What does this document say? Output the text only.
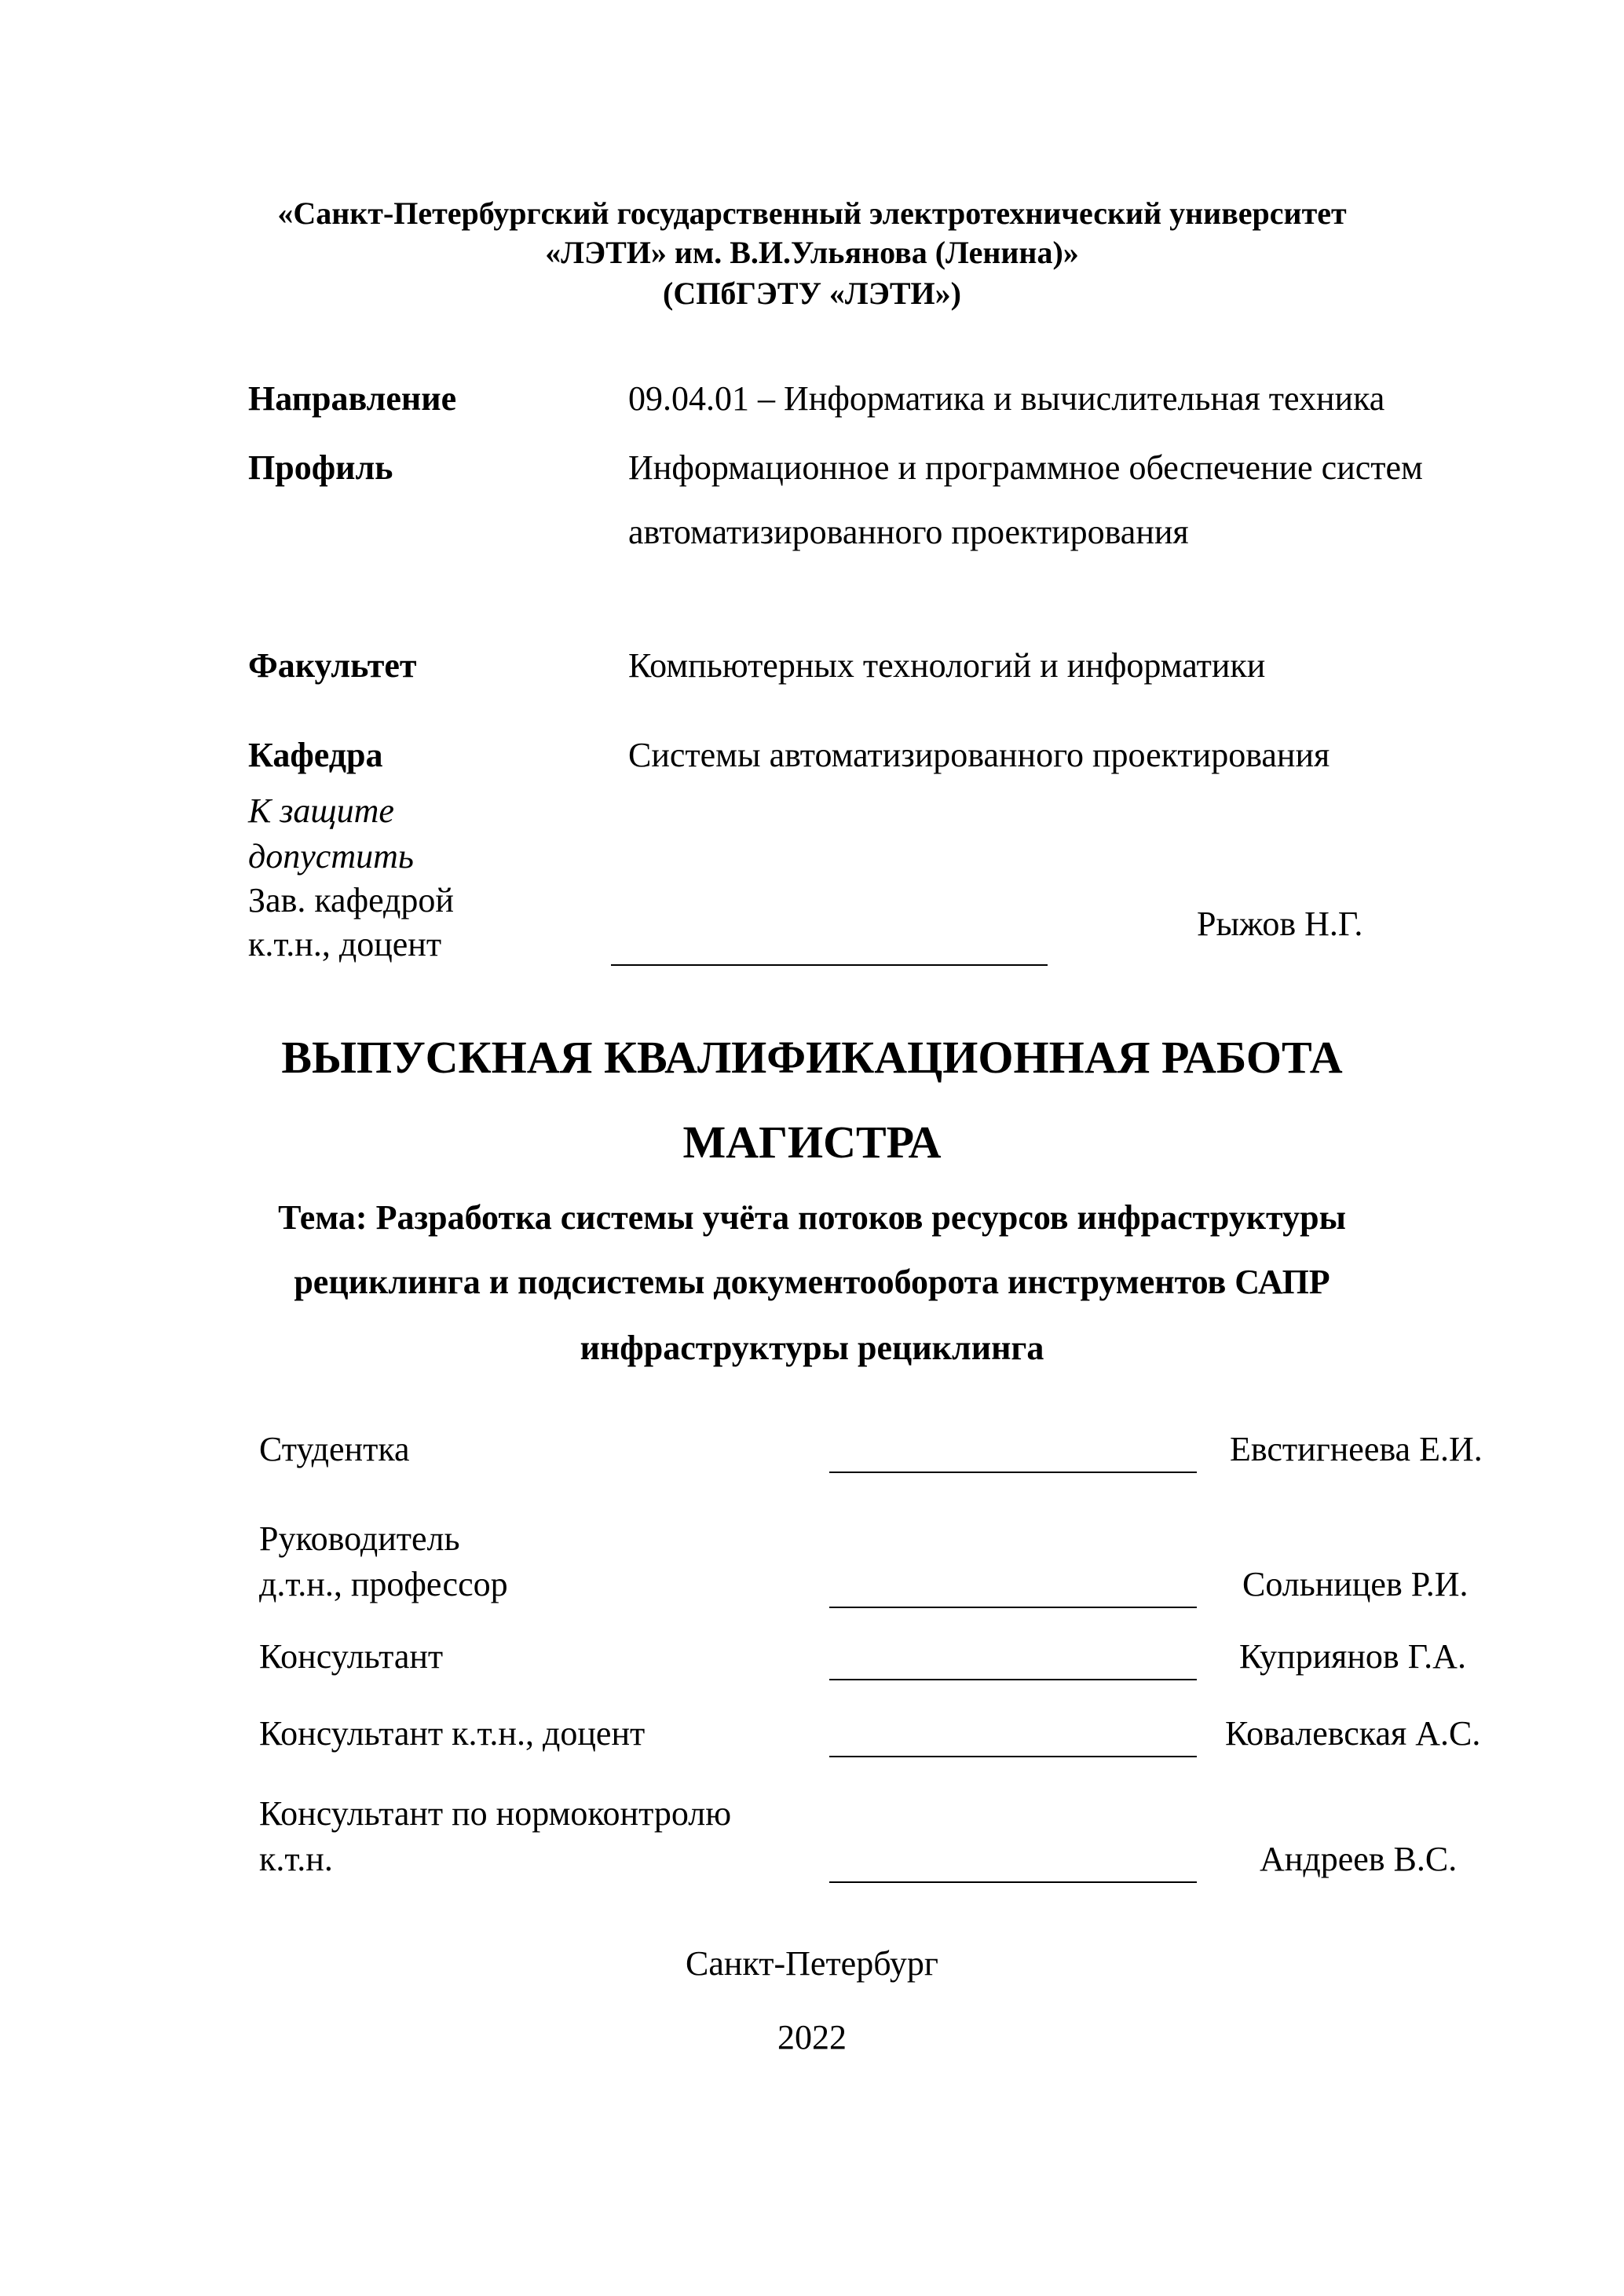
«Санкт-Петербургский государственный электротехнический университет
«ЛЭТИ» им. В.И.Ульянова (Ленина)»
(СПбГЭТУ «ЛЭТИ»)
Направление	09.04.01 – Информатика и вычислительная техника
Профиль	Информационное и программное обеспечение систем
автоматизированного проектирования
Факультет	Компьютерных технологий и информатики
Кафедра	Системы автоматизированного проектирования
К защите
допустить
Зав. кафедрой
к.т.н., доцент
Рыжов Н.Г.
ВЫПУСКНАЯ КВАЛИФИКАЦИОННАЯ РАБОТА
МАГИСТРА
Тема: Разработка системы учёта потоков ресурсов инфраструктуры
рециклинга и подсистемы документооборота инструментов САПР
инфраструктуры рециклинга
Студентка	Евстигнеева Е.И.
Руководитель
д.т.н., профессор	Сольницев Р.И.
Консультант	Куприянов Г.А.
Консультант к.т.н., доцент	Ковалевская А.С.
Консультант по нормоконтролю
к.т.н.	Андреев В.С.
Санкт-Петербург
2022
